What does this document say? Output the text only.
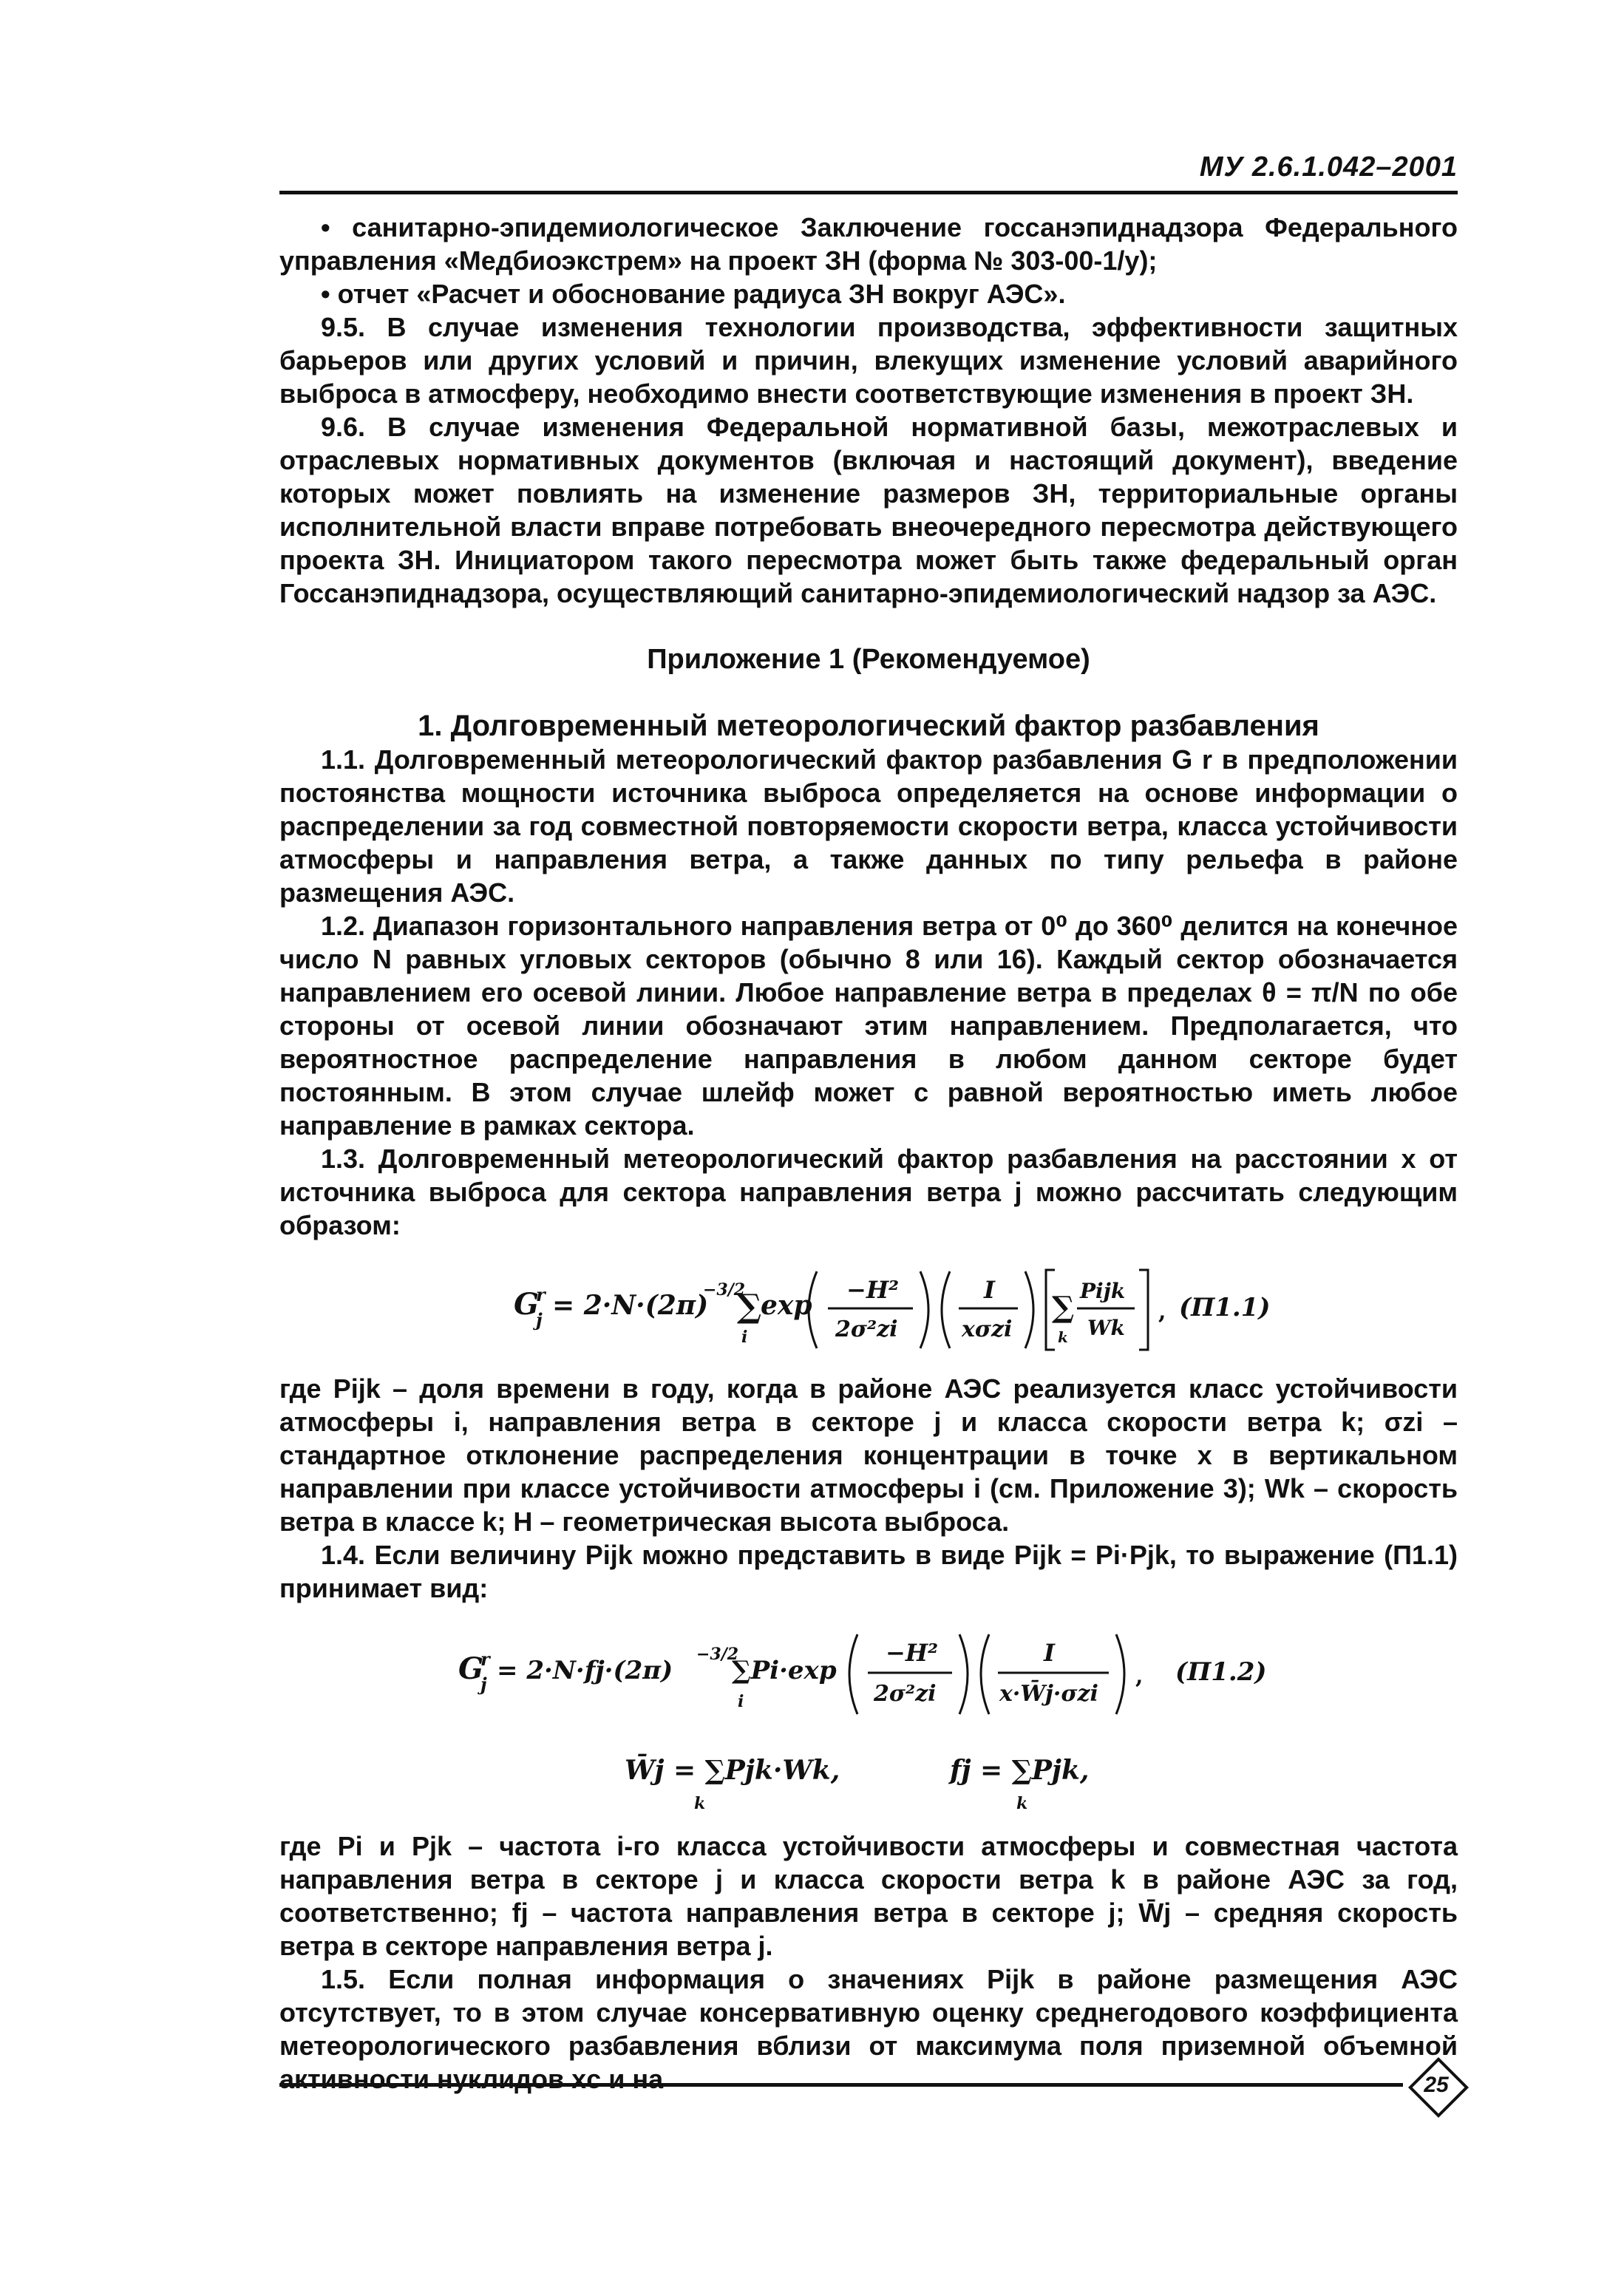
МУ 2.6.1.042–2001

• санитарно-эпидемиологическое Заключение госсанэпиднадзора Федерального управления «Медбиоэкстрем» на проект ЗН (форма № 303-00-1/у);

• отчет «Расчет и обоснование радиуса ЗН вокруг АЭС».

9.5. В случае изменения технологии производства, эффективности защитных барьеров или других условий и причин, влекущих изменение условий аварийного выброса в атмосферу, необходимо внести соответствующие изменения в проект ЗН.

9.6. В случае изменения Федеральной нормативной базы, межотраслевых и отраслевых нормативных документов (включая и настоящий документ), введение которых может повлиять на изменение размеров ЗН, территориальные органы исполнительной власти вправе потребовать внеочередного пересмотра действующего проекта ЗН. Инициатором такого пересмотра может быть также федеральный орган Госсанэпиднадзора, осуществляющий санитарно-эпидемиологический надзор за АЭС.

Приложение 1 (Рекомендуемое)

1. Долговременный метеорологический фактор разбавления

1.1. Долговременный метеорологический фактор разбавления G r в предположении постоянства мощности источника выброса определяется на основе информации о распределении за год совместной повторяемости скорости ветра, класса устойчивости атмосферы и направления ветра, а также данных по типу рельефа в районе размещения АЭС.

1.2. Диапазон горизонтального направления ветра от 0⁰ до 360⁰ делится на конечное число N равных угловых секторов (обычно 8 или 16). Каждый сектор обозначается направлением его осевой линии. Любое направление ветра в пределах θ = π/N по обе стороны от осевой линии обозначают этим направлением. Предполагается, что вероятностное распределение направления в любом данном секторе будет постоянным. В этом случае шлейф может с равной вероятностью иметь любое направление в рамках сектора.

1.3. Долговременный метеорологический фактор разбавления на расстоянии x от источника выброса для сектора направления ветра j можно рассчитать следующим образом:

G
r
j = 2·N·(2π)
−3/2
∑
i
exp −H²
2σ²zi
I
xσzi
∑
k
Pijk
Wk
, (П1.1)

где Pijk – доля времени в году, когда в районе АЭС реализуется класс устойчивости атмосферы i, направления ветра в секторе j и класса скорости ветра k; σzi – стандартное отклонение распределения концентрации в точке x в вертикальном направлении при классе устойчивости атмосферы i (см. Приложение 3); Wk – скорость ветра в классе k; H – геометрическая высота выброса.

1.4. Если величину Pijk можно представить в виде Pijk = Pi·Pjk, то выражение (П1.1) принимает вид:

G
r
j = 2·N·fj·(2π)
−3/2
∑Pi·exp
i
−H²
2σ²zi
I
x·W̄j·σzi
, (П1.2)
W̄j = ∑Pjk·Wk,
k
fj = ∑Pjk,
k

где Pi и Pjk – частота i-го класса устойчивости атмосферы и совместная частота направления ветра в секторе j и класса скорости ветра k в районе АЭС за год, соответственно; fj – частота направления ветра в секторе j; W̄j – средняя скорость ветра в секторе направления ветра j.

1.5. Если полная информация о значениях Pijk в районе размещения АЭС отсутствует, то в этом случае консервативную оценку среднегодового коэффициента метеорологического разбавления вблизи от максимума поля приземной объемной активности нуклидов xc и на	25
